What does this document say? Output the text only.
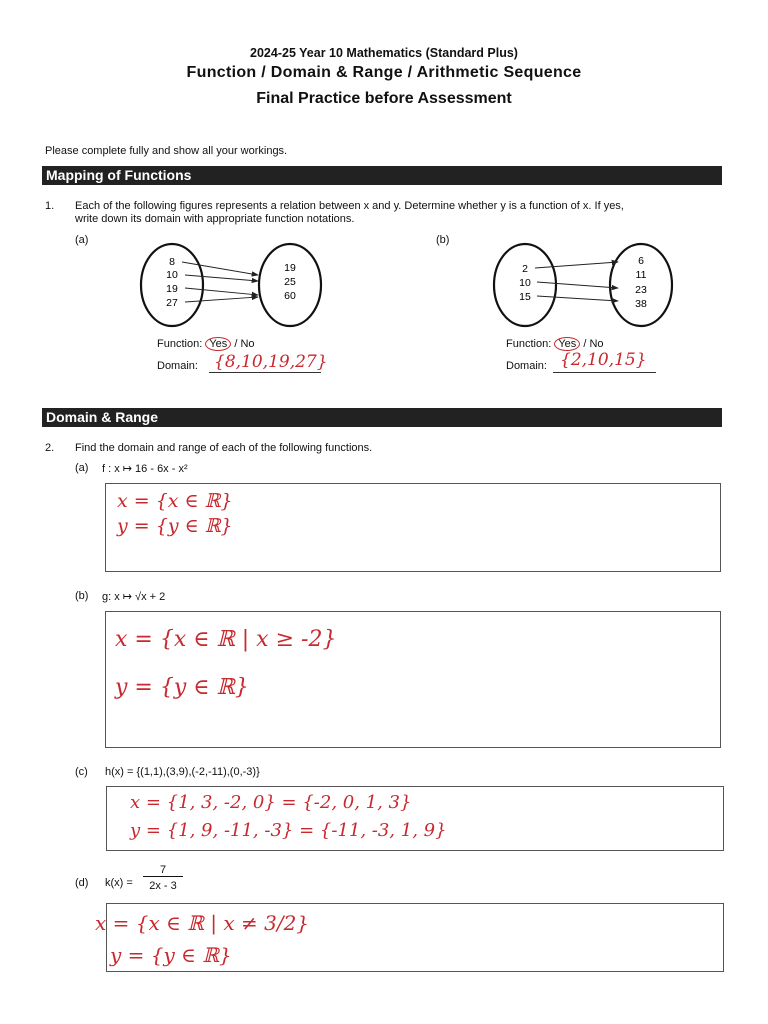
2024-25 Year 10 Mathematics (Standard Plus)
Function / Domain & Range / Arithmetic Sequence
Final Practice before Assessment
Please complete fully and show all your workings.
Mapping of Functions
1. Each of the following figures represents a relation between x and y. Determine whether y is a function of x. If yes,
write down its domain with appropriate function notations.
(a)	(b)
8
10
19
27
19
25
60
2
10
15
6
11
23
38
Function: Yes / No
Domain: {8,10,19,27}
Function: Yes / No
Domain: {2,10,15}
Domain & Range
2. Find the domain and range of each of the following functions.
(a) f : x ↦ 16 - 6x - x²
x = {x ∈ ℝ}
y = {y ∈ ℝ}
(b) g: x ↦ √x + 2
x = {x ∈ ℝ | x ≥ -2}
y = {y ∈ ℝ}
(c) h(x) = {(1,1),(3,9),(-2,-11),(0,-3)}
x = {1, 3, -2, 0} = {-2, 0, 1, 3}
y = {1, 9, -11, -3} = {-11, -3, 1, 9}
(d) k(x) =
7
2x - 3
x = {x ∈ ℝ | x ≠ 3/2}
y = {y ∈ ℝ}
